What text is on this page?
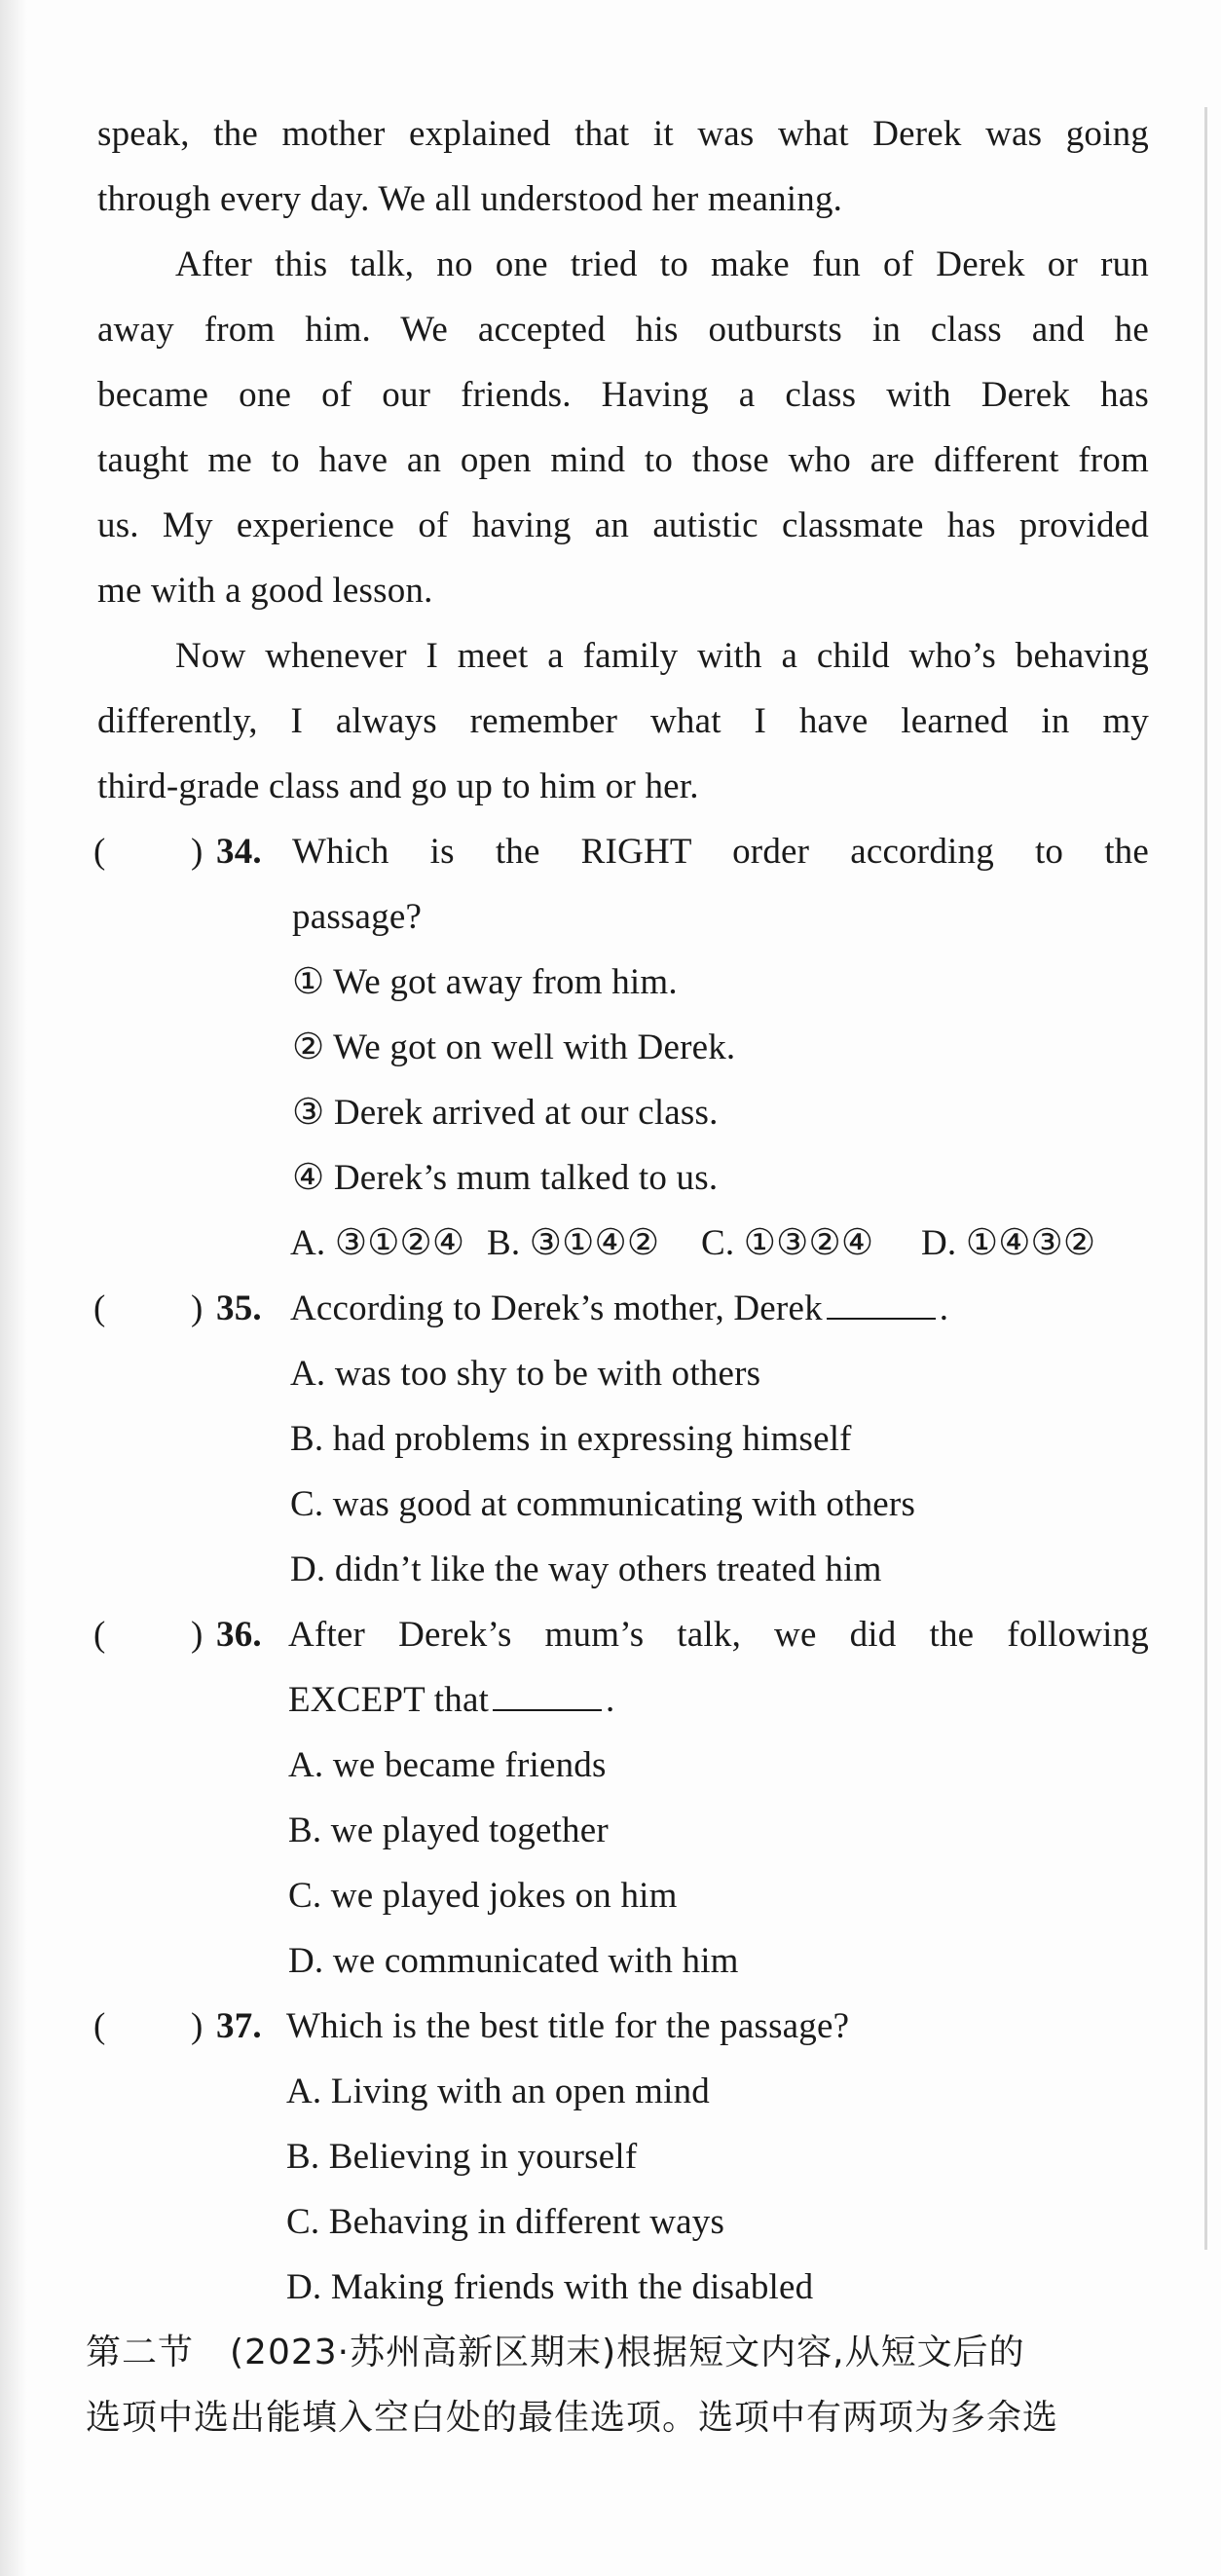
speak, the mother explained that it was what Derek was going
through every day. We all understood her meaning.
After this talk, no one tried to make fun of Derek or run
away from him. We accepted his outbursts in class and he
became one of our friends. Having a class with Derek has
taught me to have an open mind to those who are different from
us. My experience of having an autistic classmate has provided
me with a good lesson.
Now whenever I meet a family with a child who’s behaving
differently, I always remember what I have learned in my
third-grade class and go up to him or her.
( ) 34. Which is the RIGHT order according to the
passage?
① We got away from him.
② We got on well with Derek.
③ Derek arrived at our class.
④ Derek’s mum talked to us.
A. ③①②④ B. ③①④② C. ①③②④ D. ①④③②
( ) 35. According to Derek’s mother, Derek	.
A. was too shy to be with others
B. had problems in expressing himself
C. was good at communicating with others
D. didn’t like the way others treated him
( ) 36. After Derek’s mum’s talk, we did the following
EXCEPT that	.
A. we became friends
B. we played together
C. we played jokes on him
D. we communicated with him
( ) 37. Which is the best title for the passage?
A. Living with an open mind
B. Believing in yourself
C. Behaving in different ways
D. Making friends with the disabled
第二节　(2023·苏州高新区期末)根据短文内容,从短文后的
选项中选出能填入空白处的最佳选项。选项中有两项为多余选
